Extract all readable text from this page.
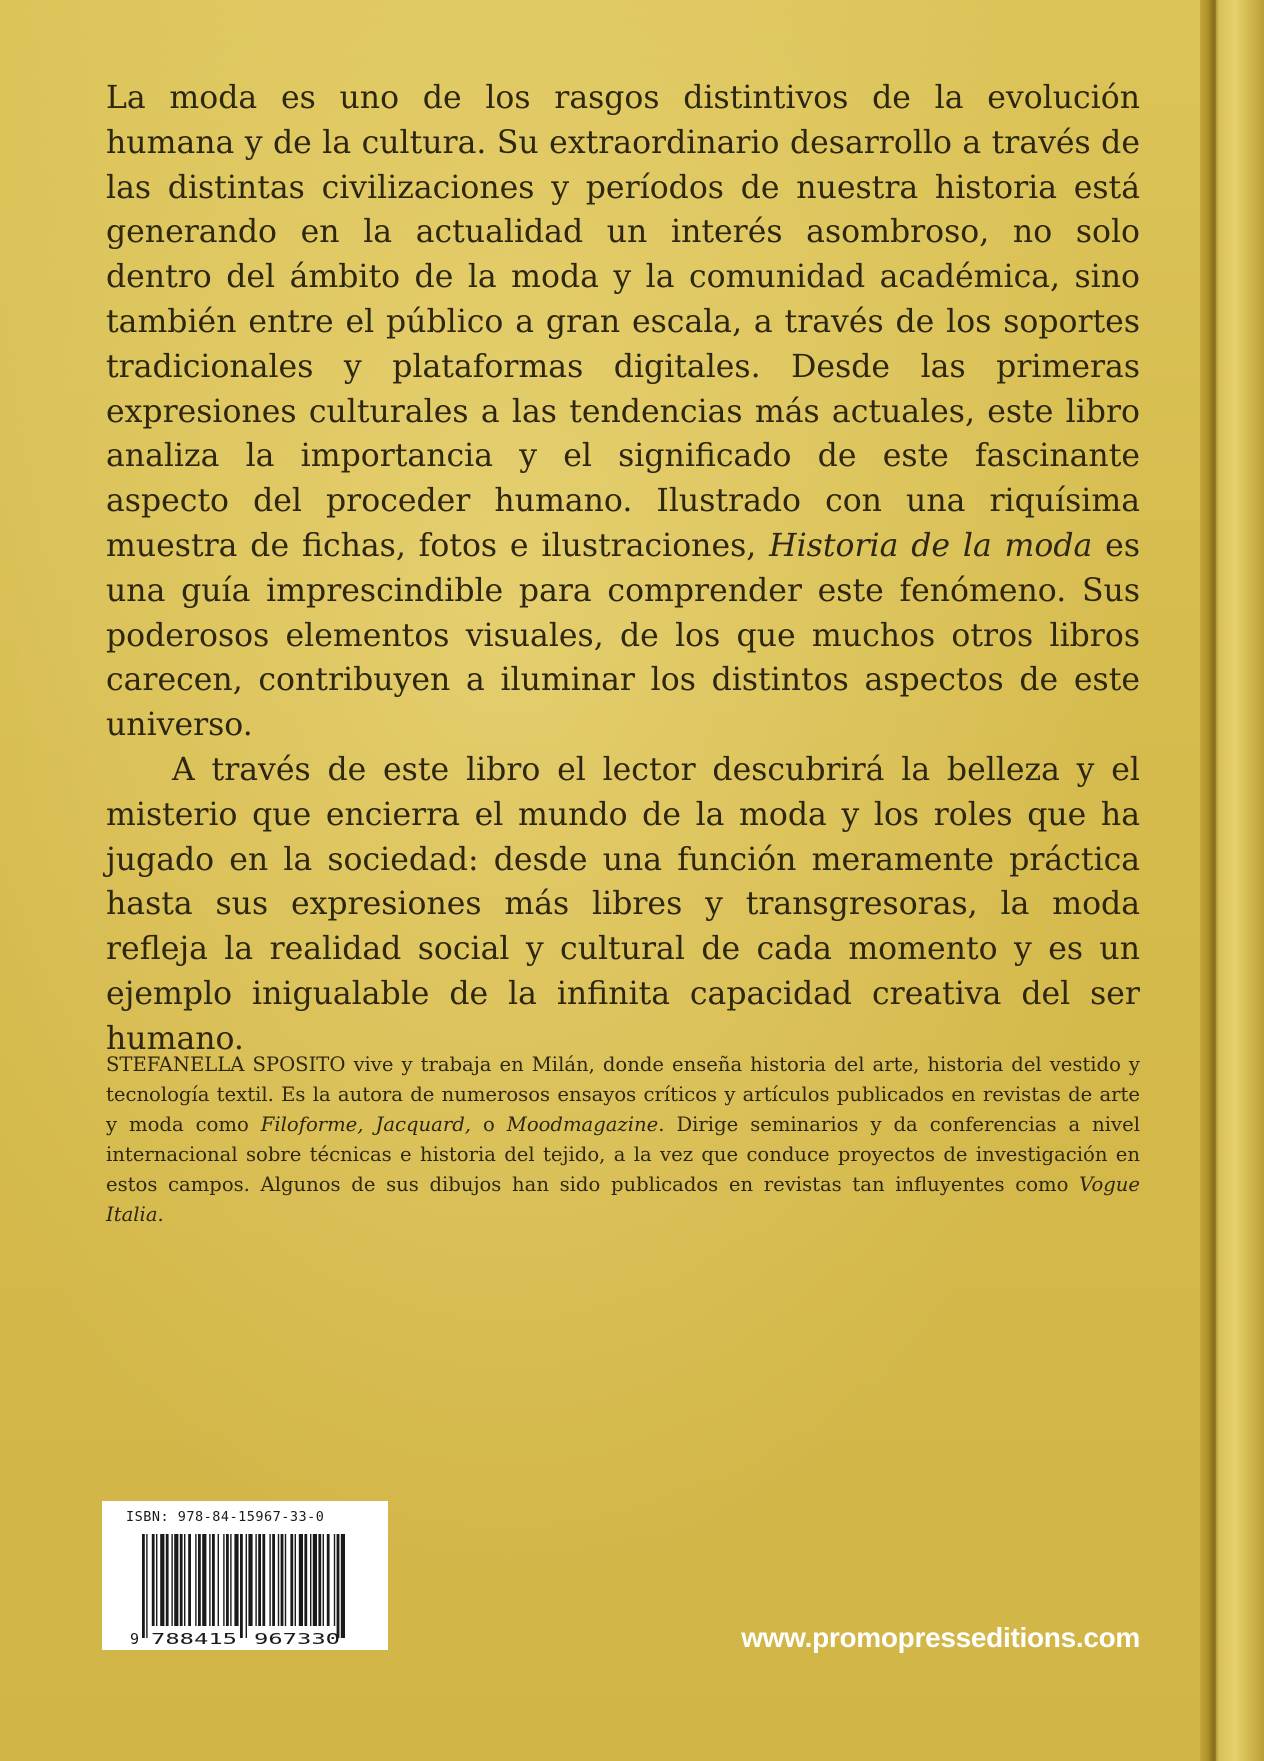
La moda es uno de los rasgos distintivos de la evolución humana y de la cultura. Su extraordinario desarrollo a través de las distintas civilizaciones y períodos de nuestra historia está generando en la actualidad un interés asombroso, no solo dentro del ámbito de la moda y la comunidad académica, sino también entre el público a gran escala, a través de los soportes tradicionales y plataformas digitales. Desde las primeras expresiones culturales a las tendencias más actuales, este libro analiza la importancia y el significado de este fascinante aspecto del proceder humano. Ilustrado con una riquísima muestra de fichas, fotos e ilustraciones, Historia de la moda es una guía imprescindible para comprender este fenómeno. Sus poderosos elementos visuales, de los que muchos otros libros carecen, contribuyen a iluminar los distintos aspectos de este universo.

A través de este libro el lector descubrirá la belleza y el misterio que encierra el mundo de la moda y los roles que ha jugado en la sociedad: desde una función meramente práctica hasta sus expresiones más libres y transgresoras, la moda refleja la realidad social y cultural de cada momento y es un ejemplo inigualable de la infinita capacidad creativa del ser humano.

STEFANELLA SPOSITO vive y trabaja en Milán, donde enseña historia del arte, historia del vestido y tecnología textil. Es la autora de numerosos ensayos críticos y artículos publicados en revistas de arte y moda como Filoforme, Jacquard, o Moodmagazine. Dirige seminarios y da conferencias a nivel internacional sobre técnicas e historia del tejido, a la vez que conduce proyectos de investigación en estos campos. Algunos de sus dibujos han sido publicados en revistas tan influyentes como Vogue Italia.

ISBN: 978-84-15967-33-0
9 788415 967330	www.promopresseditions.com
